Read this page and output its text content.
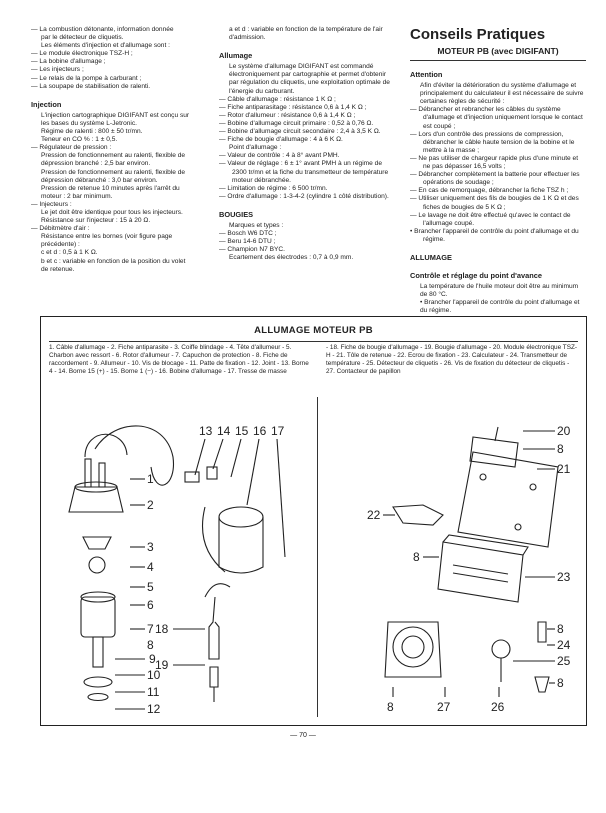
— La combustion détonante, information donnée

par le détecteur de cliquetis.

Les éléments d'injection et d'allumage sont :

— Le module électronique TSZ-H ;

— La bobine d'allumage ;

— Les injecteurs ;

— Le relais de la pompe à carburant ;

— La soupape de stabilisation de ralenti.

Injection

L'injection cartographique DIGIFANT est conçu sur les bases du système L-Jetronic.

Régime de ralenti : 800 ± 50 tr/mn.

Teneur en CO % : 1 ± 0,5.

— Régulateur de pression :

Pression de fonctionnement au ralenti, flexible de dépression branché : 2,5 bar environ.

Pression de fonctionnement au ralenti, flexible de dépression débranché : 3,0 bar environ.

Pression de retenue 10 minutes après l'arrêt du moteur : 2 bar minimum.

— Injecteurs :

Le jet doit être identique pour tous les injecteurs.

Résistance sur l'injecteur : 15 à 20 Ω.

— Débitmètre d'air :

Résistance entre les bornes (voir figure page précédente) :

c et d : 0,5 à 1 K Ω.

b et c : variable en fonction de la position du volet de retenue.

a et d : variable en fonction de la température de l'air d'admission.

Allumage

Le système d'allumage DIGIFANT est commandé électroniquement par cartographie et permet d'obtenir par régulation du cliquetis, une exploitation optimale de l'énergie du carburant.

— Câble d'allumage : résistance 1 K Ω ;

— Fiche antiparasitage : résistance 0,6 à 1,4 K Ω ;

— Rotor d'allumeur : résistance 0,6 à 1,4 K Ω ;

— Bobine d'allumage circuit primaire : 0,52 à 0,76 Ω.

— Bobine d'allumage circuit secondaire : 2,4 à 3,5 K Ω.

— Fiche de bougie d'allumage : 4 à 6 K Ω.

Point d'allumage :

— Valeur de contrôle : 4 à 8° avant PMH.

— Valeur de réglage : 6 ± 1° avant PMH à un régime de 2300 tr/mn et la fiche du transmetteur de température moteur débranchée.

— Limitation de régime : 6 500 tr/mn.

— Ordre d'allumage : 1-3-4-2 (cylindre 1 côté distribution).

BOUGIES

Marques et types :

— Bosch W6 DTC ;

— Beru 14-6 DTU ;

— Champion N7 BYC.

Ecartement des électrodes : 0,7 à 0,9 mm.

Conseils Pratiques
MOTEUR PB (avec DIGIFANT)

Attention

Afin d'éviter la détérioration du système d'allumage et principalement du calculateur il est nécessaire de suivre certaines règles de sécurité :

— Débrancher et rebrancher les câbles du système d'allumage et d'injection uniquement lorsque le contact est coupé ;

— Lors d'un contrôle des pressions de compression, débrancher le câble haute tension de la bobine et le mettre à la masse ;

— Ne pas utiliser de chargeur rapide plus d'une minute et ne pas dépasser 16,5 volts ;

— Débrancher complètement la batterie pour effectuer les opérations de soudage ;

— En cas de remorquage, débrancher la fiche TSZ h ;

— Utiliser uniquement des fils de bougies de 1 K Ω et des fiches de bougies de 5 K Ω ;

— Le lavage ne doit être effectué qu'avec le contact de l'allumage coupé.

• Brancher l'appareil de contrôle du point d'allumage et du régime.

ALLUMAGE

Contrôle et réglage du point d'avance

La température de l'huile moteur doit être au minimum de 80 °C.

• Brancher l'appareil de contrôle du point d'allumage et du régime.

ALLUMAGE MOTEUR PB
1. Câble d'allumage - 2. Fiche antiparasite - 3. Coiffe blindage - 4. Tête d'allumeur - 5. Charbon avec ressort - 6. Rotor d'allumeur - 7. Capuchon de protection - 8. Fiche de raccordement - 9. Allumeur - 10. Vis de blocage - 11. Patte de fixation - 12. Joint - 13. Borne 4 - 14. Borne 15 (+) - 15. Borne 1 (−) - 16. Bobine d'allumage - 17. Tresse de masse
- 18. Fiche de bougie d'allumage - 19. Bougie d'allumage - 20. Module électronique TSZ-H - 21. Tôle de retenue - 22. Ecrou de fixation - 23. Calculateur - 24. Transmetteur de température - 25. Détecteur de cliquetis - 26. Vis de fixation du détecteur de cliquetis - 27. Contacteur de papillon
1
2
3
4
5
6
7
8
9
10
11
12
13 14 15 16 17
18
19
20
8
21
22
8
23
8
24
25
8
8	27	26
— 70 —
